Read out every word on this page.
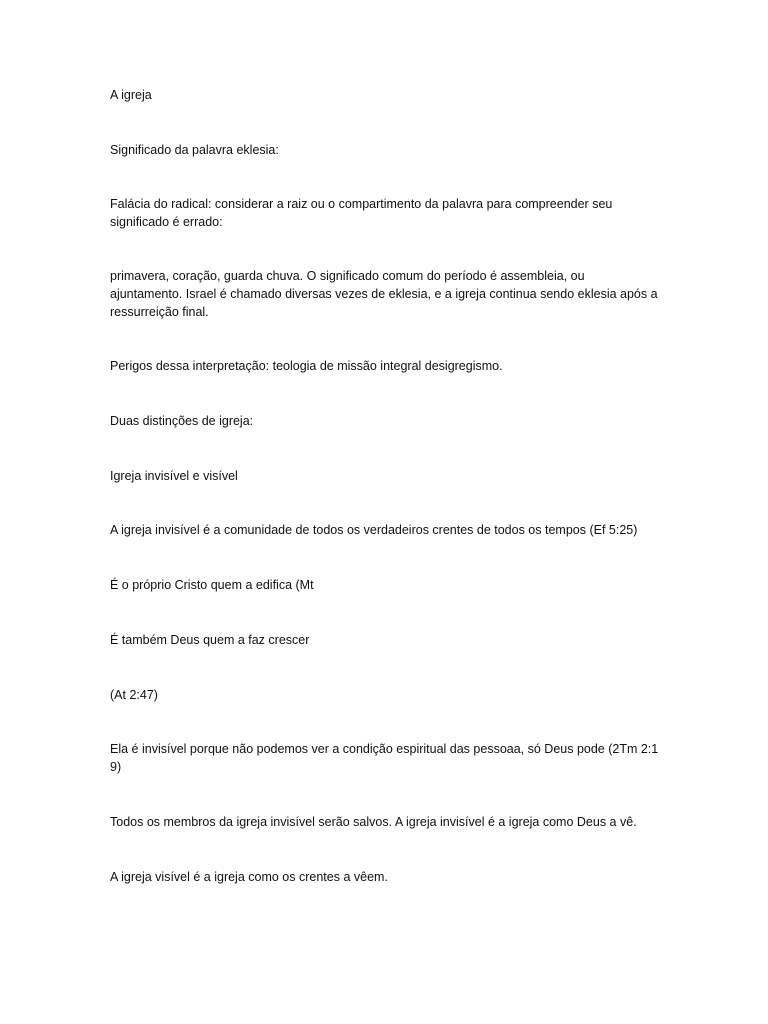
A igreja

Significado da palavra eklesia:

Falácia do radical: considerar a raiz ou o compartimento da palavra para compreender seu significado é errado:

primavera, coração, guarda chuva. O significado comum do período é assembleia, ou ajuntamento. Israel é chamado diversas vezes de eklesia, e a igreja continua sendo eklesia após a ressurreição final.

Perigos dessa interpretação: teologia de missão integral desigregismo.

Duas distinções de igreja:

Igreja invisível e visível

A igreja invisível é a comunidade de todos os verdadeiros crentes de todos os tempos (Ef 5:25)

É o próprio Cristo quem a edifica (Mt

É também Deus quem a faz crescer

(At 2:47)

Ela é invisível porque não podemos ver a condição espiritual das pessoaa, só Deus pode (2Tm 2:1 9)

Todos os membros da igreja invisível serão salvos. A igreja invisível é a igreja como Deus a vê.

A igreja visível é a igreja como os crentes a vêem.
